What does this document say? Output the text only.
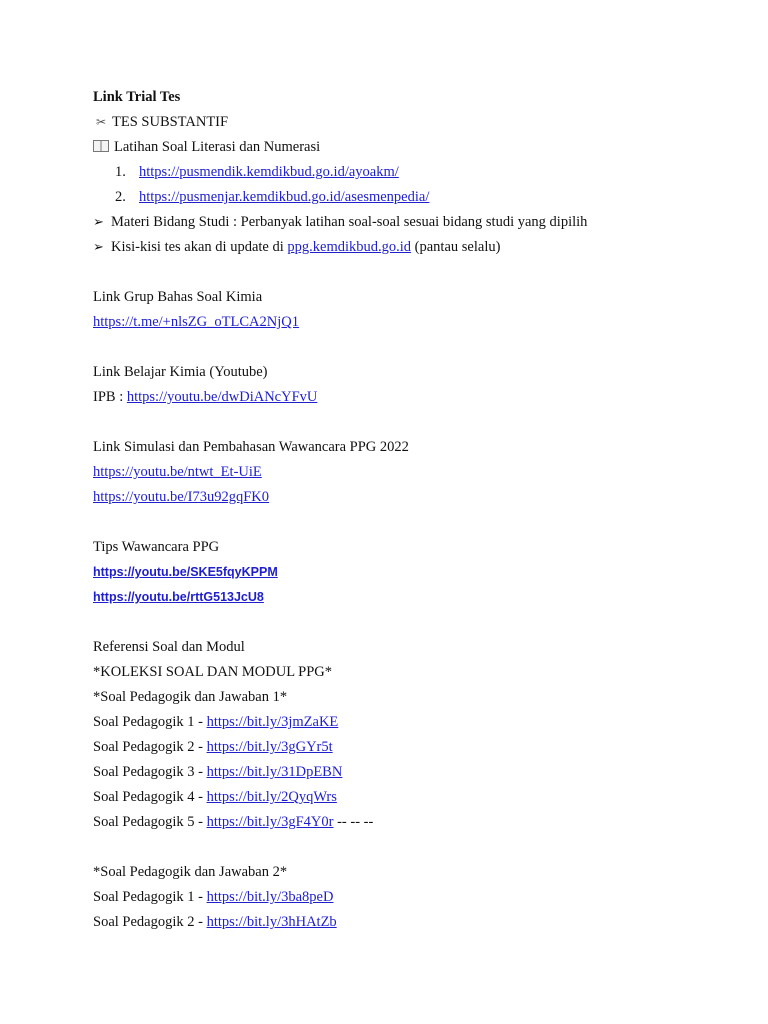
Link Trial Tes
✂ TES SUBSTANTIF
Latihan Soal Literasi dan Numerasi
1. https://pusmendik.kemdikbud.go.id/ayoakm/
2. https://pusmenjar.kemdikbud.go.id/asesmenpedia/
➢ Materi Bidang Studi : Perbanyak latihan soal-soal sesuai bidang studi yang dipilih
➢ Kisi-kisi tes akan di update di ppg.kemdikbud.go.id (pantau selalu)
Link Grup Bahas Soal Kimia
https://t.me/+nlsZG_oTLCA2NjQ1
Link Belajar Kimia (Youtube)
IPB : https://youtu.be/dwDiANcYFvU
Link Simulasi dan Pembahasan Wawancara PPG 2022
https://youtu.be/ntwt_Et-UiE
https://youtu.be/I73u92gqFK0
Tips Wawancara PPG
https://youtu.be/SKE5fqyKPPM
https://youtu.be/rttG513JcU8
Referensi Soal dan Modul
*KOLEKSI SOAL DAN MODUL PPG*
*Soal Pedagogik dan Jawaban 1*
Soal Pedagogik 1 - https://bit.ly/3jmZaKE
Soal Pedagogik 2 - https://bit.ly/3gGYr5t
Soal Pedagogik 3 - https://bit.ly/31DpEBN
Soal Pedagogik 4 - https://bit.ly/2QyqWrs
Soal Pedagogik 5 - https://bit.ly/3gF4Y0r -- -- --
*Soal Pedagogik dan Jawaban 2*
Soal Pedagogik 1 - https://bit.ly/3ba8peD
Soal Pedagogik 2 - https://bit.ly/3hHAtZb
